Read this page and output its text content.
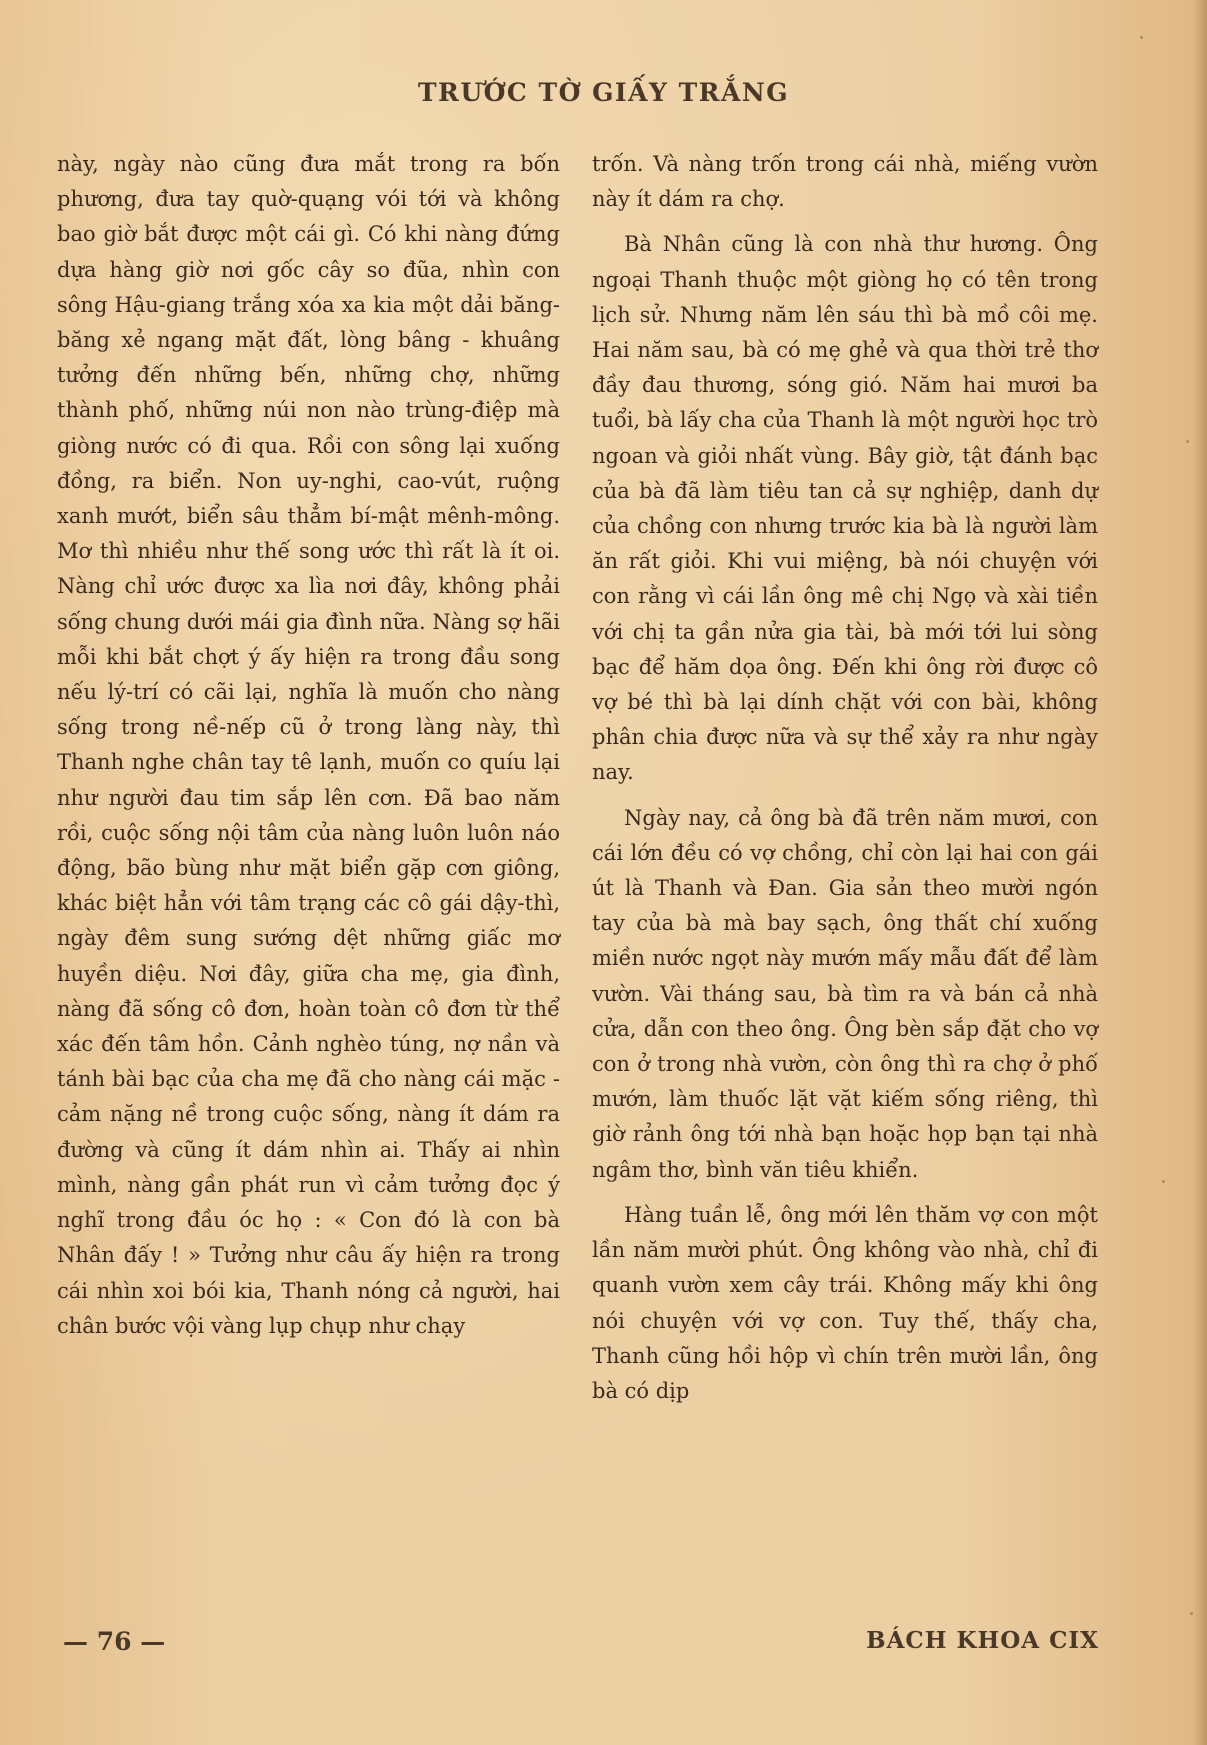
TRƯỚC TỜ GIẤY TRẮNG

này, ngày nào cũng đưa mắt trong ra bốn phương, đưa tay quờ-quạng vói tới và không bao giờ bắt được một cái gì. Có khi nàng đứng dựa hàng giờ nơi gốc cây so đũa, nhìn con sông Hậu-giang trắng xóa xa kia một dải băng-băng xẻ ngang mặt đất, lòng bâng - khuâng tưởng đến những bến, những chợ, những thành phố, những núi non nào trùng-điệp mà giòng nước có đi qua. Rồi con sông lại xuống đồng, ra biển. Non uy-nghi, cao-vút, ruộng xanh mướt, biển sâu thẳm bí-mật mênh-mông. Mơ thì nhiều như thế song ước thì rất là ít oi. Nàng chỉ ước được xa lìa nơi đây, không phải sống chung dưới mái gia đình nữa. Nàng sợ hãi mỗi khi bắt chợt ý ấy hiện ra trong đầu song nếu lý-trí có cãi lại, nghĩa là muốn cho nàng sống trong nề-nếp cũ ở trong làng này, thì Thanh nghe chân tay tê lạnh, muốn co quíu lại như người đau tim sắp lên cơn. Đã bao năm rồi, cuộc sống nội tâm của nàng luôn luôn náo động, bão bùng như mặt biển gặp cơn giông, khác biệt hẳn với tâm trạng các cô gái dậy-thì, ngày đêm sung sướng dệt những giấc mơ huyền diệu. Nơi đây, giữa cha mẹ, gia đình, nàng đã sống cô đơn, hoàn toàn cô đơn từ thể xác đến tâm hồn. Cảnh nghèo túng, nợ nần và tánh bài bạc của cha mẹ đã cho nàng cái mặc - cảm nặng nề trong cuộc sống, nàng ít dám ra đường và cũng ít dám nhìn ai. Thấy ai nhìn mình, nàng gần phát run vì cảm tưởng đọc ý nghĩ trong đầu óc họ : « Con đó là con bà Nhân đấy ! » Tưởng như câu ấy hiện ra trong cái nhìn xoi bói kia, Thanh nóng cả người, hai chân bước vội vàng lụp chụp như chạy

trốn. Và nàng trốn trong cái nhà, miếng vườn này ít dám ra chợ.

Bà Nhân cũng là con nhà thư hương. Ông ngoại Thanh thuộc một giòng họ có tên trong lịch sử. Nhưng năm lên sáu thì bà mồ côi mẹ. Hai năm sau, bà có mẹ ghẻ và qua thời trẻ thơ đầy đau thương, sóng gió. Năm hai mươi ba tuổi, bà lấy cha của Thanh là một người học trò ngoan và giỏi nhất vùng. Bây giờ, tật đánh bạc của bà đã làm tiêu tan cả sự nghiệp, danh dự của chồng con nhưng trước kia bà là người làm ăn rất giỏi. Khi vui miệng, bà nói chuyện với con rằng vì cái lần ông mê chị Ngọ và xài tiền với chị ta gần nửa gia tài, bà mới tới lui sòng bạc để hăm dọa ông. Đến khi ông rời được cô vợ bé thì bà lại dính chặt với con bài, không phân chia được nữa và sự thể xảy ra như ngày nay.

Ngày nay, cả ông bà đã trên năm mươi, con cái lớn đều có vợ chồng, chỉ còn lại hai con gái út là Thanh và Đan. Gia sản theo mười ngón tay của bà mà bay sạch, ông thất chí xuống miền nước ngọt này mướn mấy mẫu đất để làm vườn. Vài tháng sau, bà tìm ra và bán cả nhà cửa, dẫn con theo ông. Ông bèn sắp đặt cho vợ con ở trong nhà vườn, còn ông thì ra chợ ở phố mướn, làm thuốc lặt vặt kiếm sống riêng, thì giờ rảnh ông tới nhà bạn hoặc họp bạn tại nhà ngâm thơ, bình văn tiêu khiển.

Hàng tuần lễ, ông mới lên thăm vợ con một lần năm mười phút. Ông không vào nhà, chỉ đi quanh vườn xem cây trái. Không mấy khi ông nói chuyện với vợ con. Tuy thế, thấy cha, Thanh cũng hồi hộp vì chín trên mười lần, ông bà có dịp

— 76 —	BÁCH KHOA CIX
